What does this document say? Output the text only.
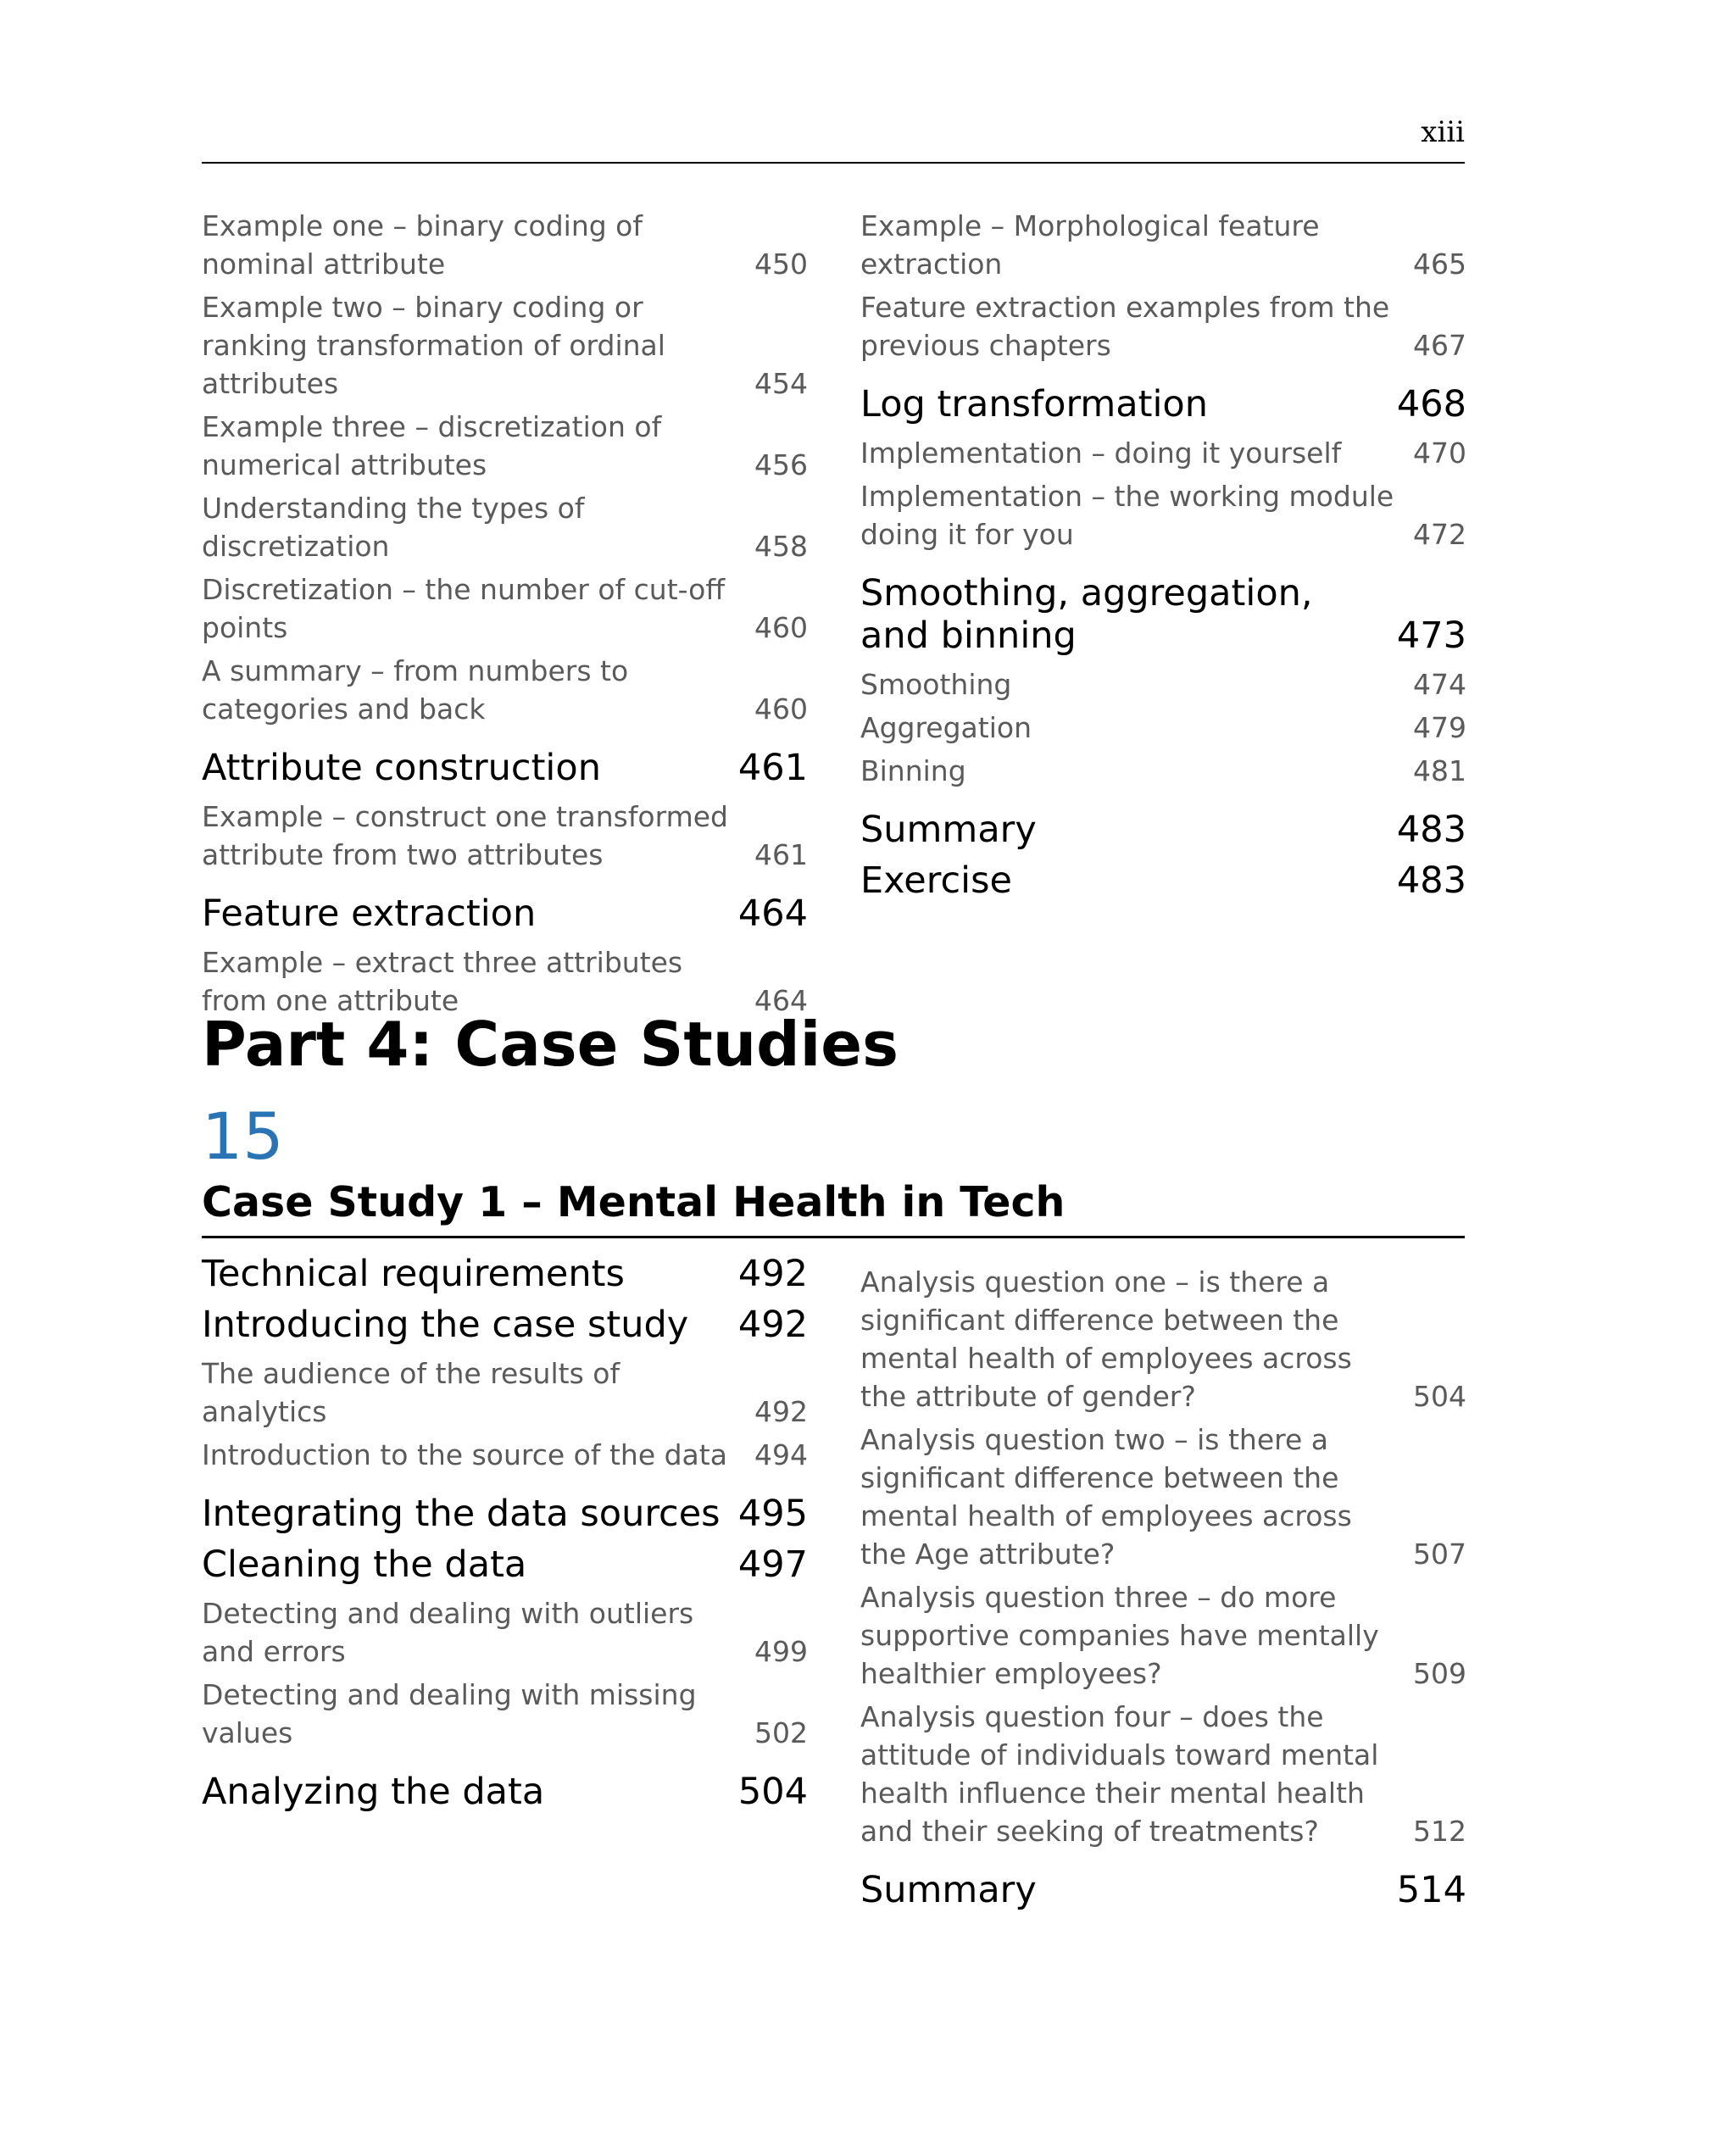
xiii
Example one – binary coding of nominal attribute	450
Example two – binary coding or ranking transformation of ordinal attributes	454
Example three – discretization of numerical attributes	456
Understanding the types of discretization	458
Discretization – the number of cut-off points	460
A summary – from numbers to categories and back	460
Attribute construction	461
Example – construct one transformed attribute from two attributes	461
Feature extraction	464
Example – extract three attributes from one attribute	464
Example – Morphological feature extraction	465
Feature extraction examples from the previous chapters	467
Log transformation	468
Implementation – doing it yourself	470
Implementation – the working module doing it for you	472
Smoothing, aggregation, and binning	473
Smoothing	474
Aggregation	479
Binning	481
Summary	483
Exercise	483
Part 4: Case Studies
15
Case Study 1 – Mental Health in Tech
Technical requirements	492
Introducing the case study	492
The audience of the results of analytics	492
Introduction to the source of the data 494
Integrating the data sources 495
Cleaning the data	497
Detecting and dealing with outliers and errors	499
Detecting and dealing with missing values	502
Analyzing the data	504
Analysis question one – is there a significant difference between the mental health of employees across the attribute of gender?	504
Analysis question two – is there a significant difference between the mental health of employees across the Age attribute?	507
Analysis question three – do more supportive companies have mentally healthier employees?	509
Analysis question four – does the attitude of individuals toward mental health influence their mental health and their seeking of treatments?	512
Summary	514
